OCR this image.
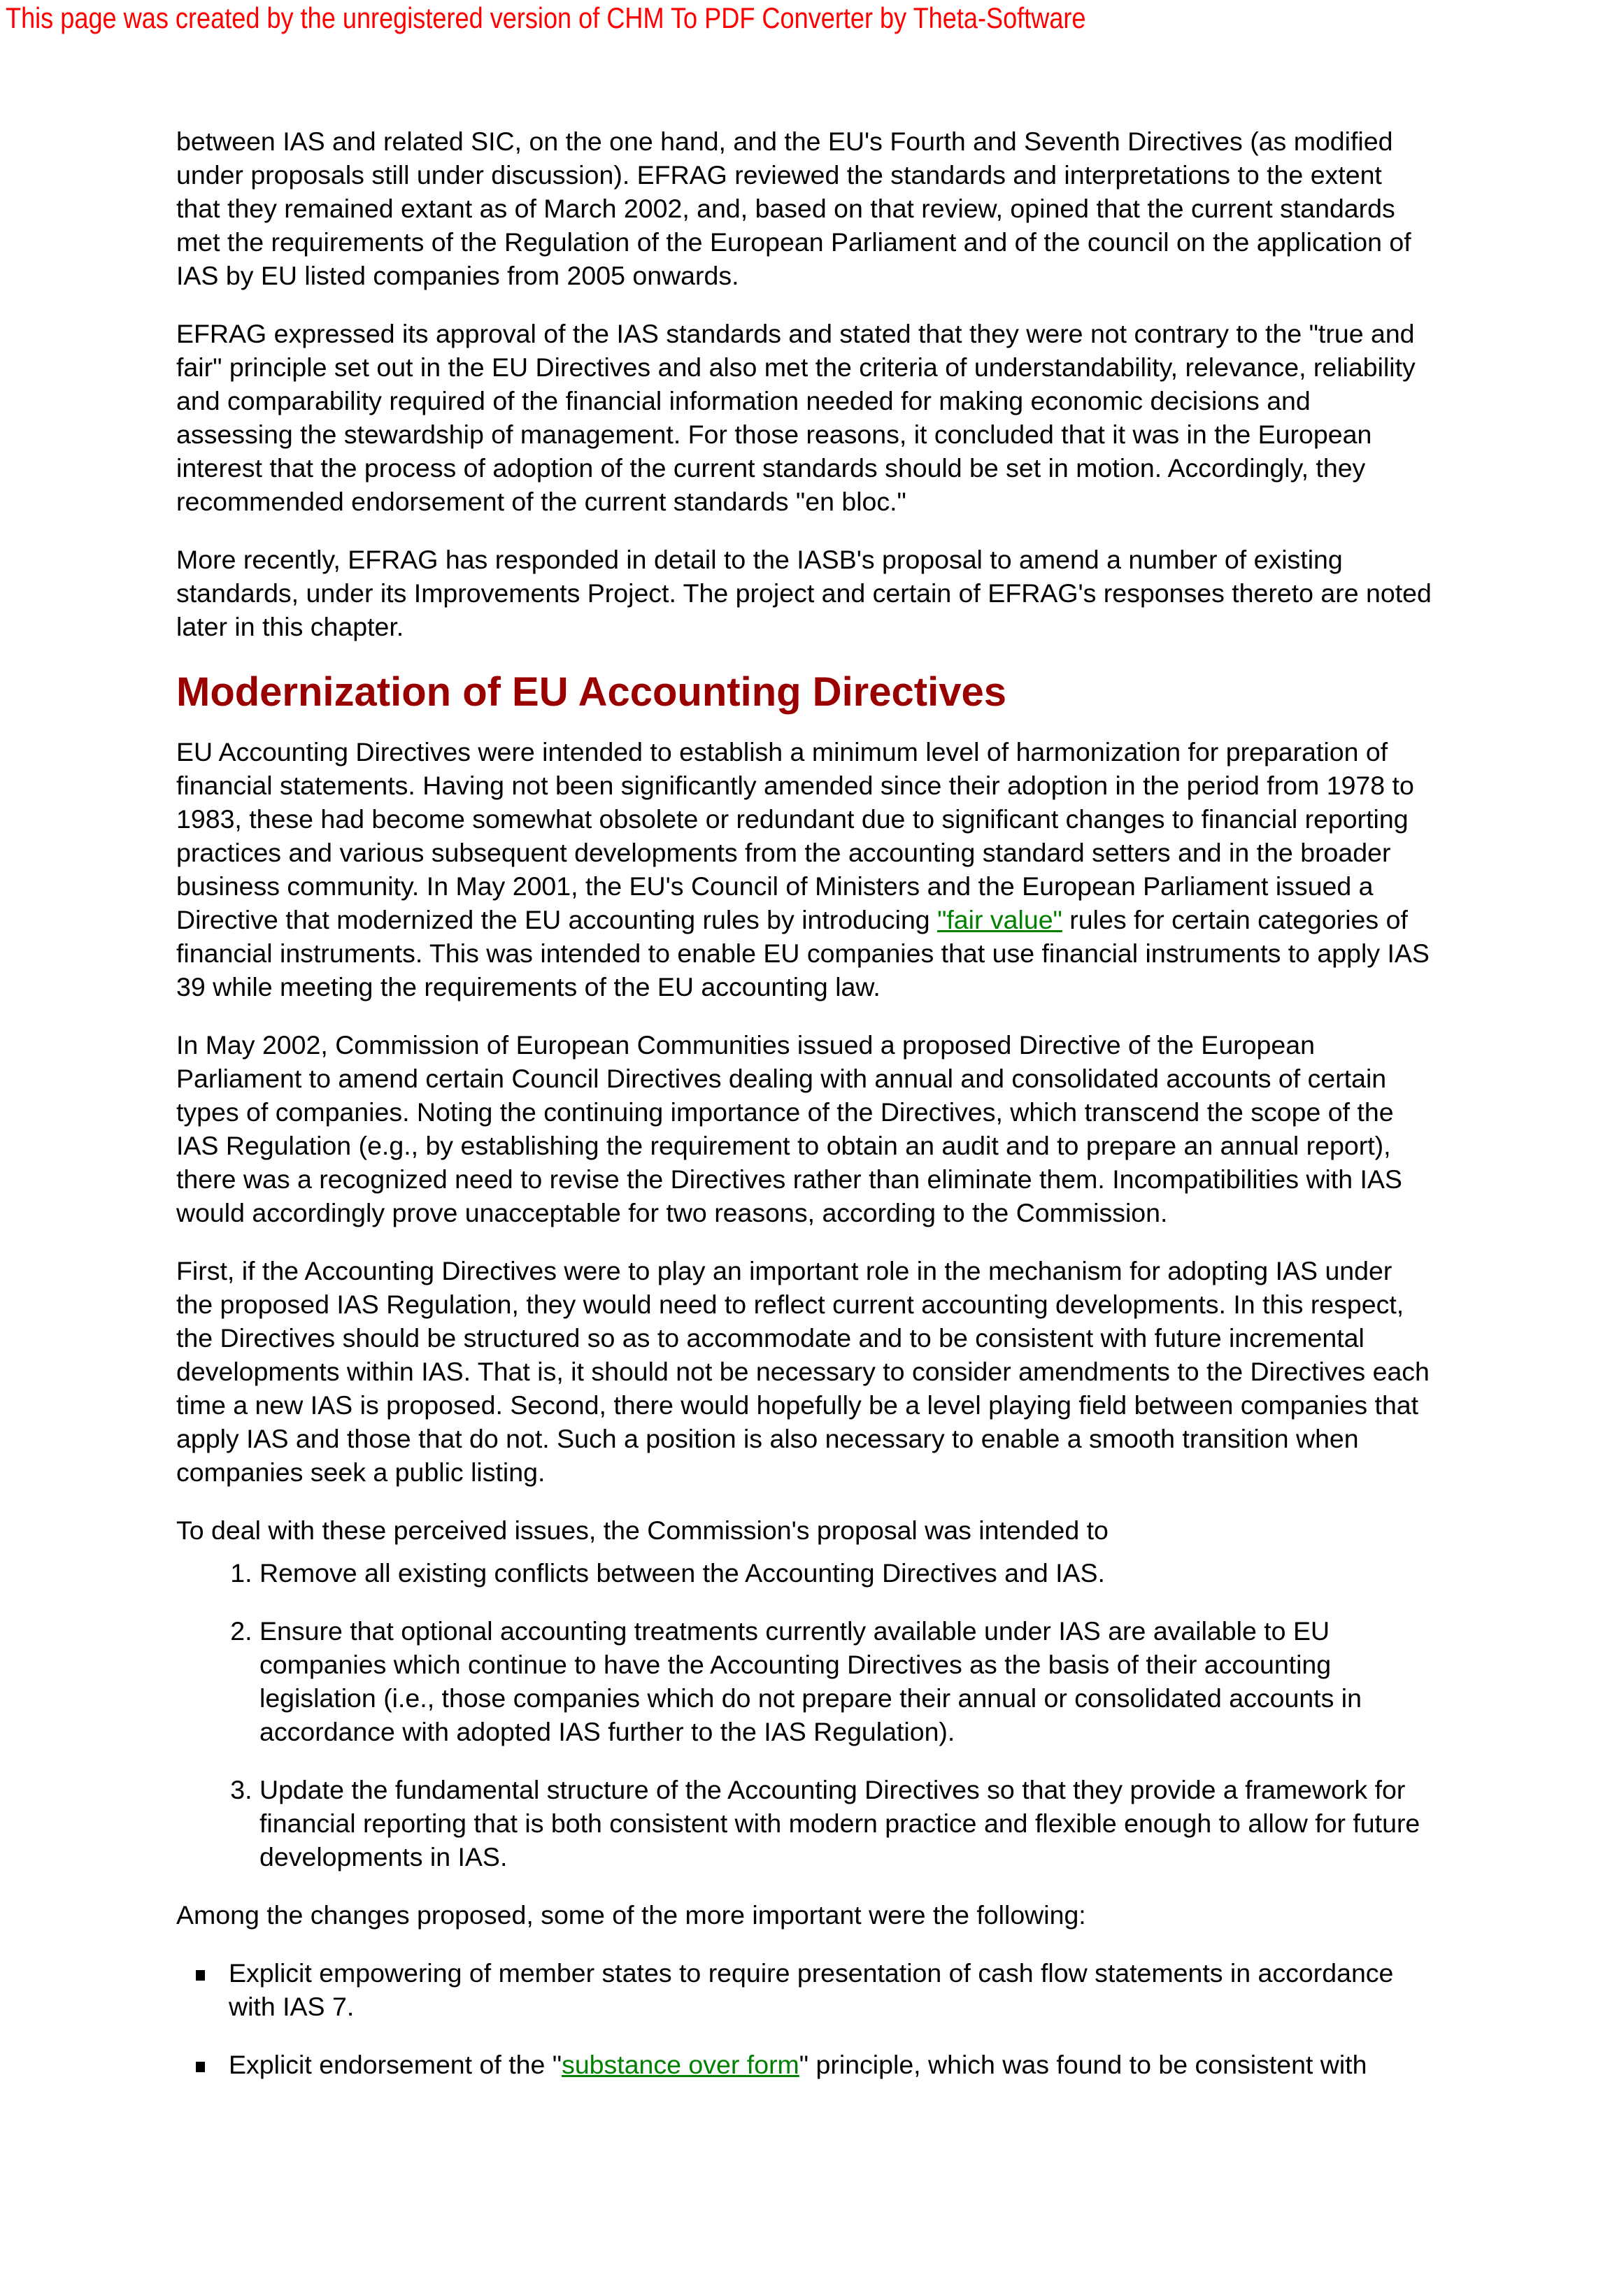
This page was created by the unregistered version of CHM To PDF Converter by Theta-Software

between IAS and related SIC, on the one hand, and the EU's Fourth and Seventh Directives (as modified under proposals still under discussion). EFRAG reviewed the standards and interpretations to the extent that they remained extant as of March 2002, and, based on that review, opined that the current standards met the requirements of the Regulation of the European Parliament and of the council on the application of IAS by EU listed companies from 2005 onwards.

EFRAG expressed its approval of the IAS standards and stated that they were not contrary to the "true and fair" principle set out in the EU Directives and also met the criteria of understandability, relevance, reliability and comparability required of the financial information needed for making economic decisions and assessing the stewardship of management. For those reasons, it concluded that it was in the European interest that the process of adoption of the current standards should be set in motion. Accordingly, they recommended endorsement of the current standards "en bloc."

More recently, EFRAG has responded in detail to the IASB's proposal to amend a number of existing standards, under its Improvements Project. The project and certain of EFRAG's responses thereto are noted later in this chapter.

Modernization of EU Accounting Directives

EU Accounting Directives were intended to establish a minimum level of harmonization for preparation of financial statements. Having not been significantly amended since their adoption in the period from 1978 to 1983, these had become somewhat obsolete or redundant due to significant changes to financial reporting practices and various subsequent developments from the accounting standard setters and in the broader business community. In May 2001, the EU's Council of Ministers and the European Parliament issued a Directive that modernized the EU accounting rules by introducing "fair value" rules for certain categories of financial instruments. This was intended to enable EU companies that use financial instruments to apply IAS 39 while meeting the requirements of the EU accounting law.

In May 2002, Commission of European Communities issued a proposed Directive of the European Parliament to amend certain Council Directives dealing with annual and consolidated accounts of certain types of companies. Noting the continuing importance of the Directives, which transcend the scope of the IAS Regulation (e.g., by establishing the requirement to obtain an audit and to prepare an annual report), there was a recognized need to revise the Directives rather than eliminate them. Incompatibilities with IAS would accordingly prove unacceptable for two reasons, according to the Commission.

First, if the Accounting Directives were to play an important role in the mechanism for adopting IAS under the proposed IAS Regulation, they would need to reflect current accounting developments. In this respect, the Directives should be structured so as to accommodate and to be consistent with future incremental developments within IAS. That is, it should not be necessary to consider amendments to the Directives each time a new IAS is proposed. Second, there would hopefully be a level playing field between companies that apply IAS and those that do not. Such a position is also necessary to enable a smooth transition when companies seek a public listing.

To deal with these perceived issues, the Commission's proposal was intended to

1. Remove all existing conflicts between the Accounting Directives and IAS.
2. Ensure that optional accounting treatments currently available under IAS are available to EU companies which continue to have the Accounting Directives as the basis of their accounting legislation (i.e., those companies which do not prepare their annual or consolidated accounts in accordance with adopted IAS further to the IAS Regulation).
3. Update the fundamental structure of the Accounting Directives so that they provide a framework for financial reporting that is both consistent with modern practice and flexible enough to allow for future developments in IAS.

Among the changes proposed, some of the more important were the following:

Explicit empowering of member states to require presentation of cash flow statements in accordance with IAS 7.
Explicit endorsement of the "substance over form" principle, which was found to be consistent with
